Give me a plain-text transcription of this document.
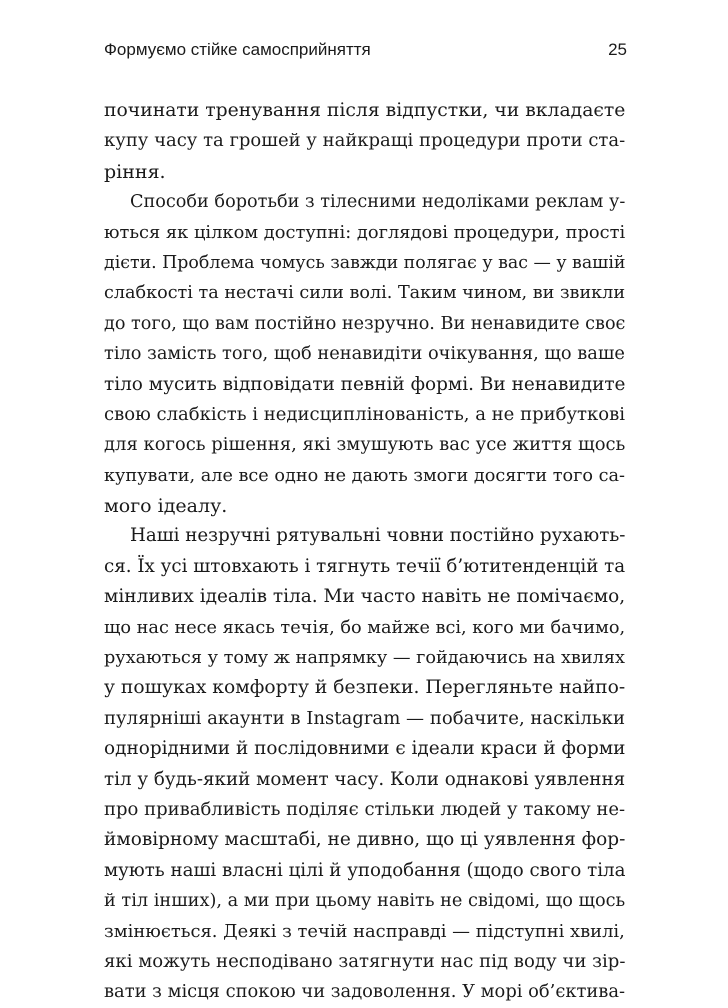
Формуємо стійке самосприйняття	25
починати тренування після відпустки, чи вкладаєте
купу часу та грошей у найкращі процедури проти ста-
ріння.
Способи боротьби з тілесними недоліками реклам у-
ються як цілком доступні: доглядові процедури, прості
дієти. Проблема чомусь завжди полягає у вас — у вашій
слабкості та нестачі сили волі. Таким чином, ви звикли
до того, що вам постійно незручно. Ви ненавидите своє
тіло замість того, щоб ненавидіти очікування, що ваше
тіло мусить відповідати певній формі. Ви ненавидите
свою слабкість і недисциплінованість, а не прибуткові
для когось рішення, які змушують вас усе життя щось
купувати, але все одно не дають змоги досягти того са-
мого ідеалу.
Наші незручні рятувальні човни постійно рухають-
ся. Їх усі штовхають і тягнуть течії б’ютитенденцій та
мінливих ідеалів тіла. Ми часто навіть не помічаємо,
що нас несе якась течія, бо майже всі, кого ми бачимо,
рухаються у тому ж напрямку — гойдаючись на хвилях
у пошуках комфорту й безпеки. Перегляньте найпо-
пулярніші акаунти в Instagram — побачите, наскільки
однорідними й послідовними є ідеали краси й форми
тіл у будь-який момент часу. Коли однакові уявлення
про привабливість поділяє стільки людей у такому не-
ймовірному масштабі, не дивно, що ці уявлення фор-
мують наші власні цілі й уподобання (щодо свого тіла
й тіл інших), а ми при цьому навіть не свідомі, що щось
змінюється. Деякі з течій насправді — підступні хвилі,
які можуть несподівано затягнути нас під воду чи зір-
вати з місця спокою чи задоволення. У морі об’єктива-
